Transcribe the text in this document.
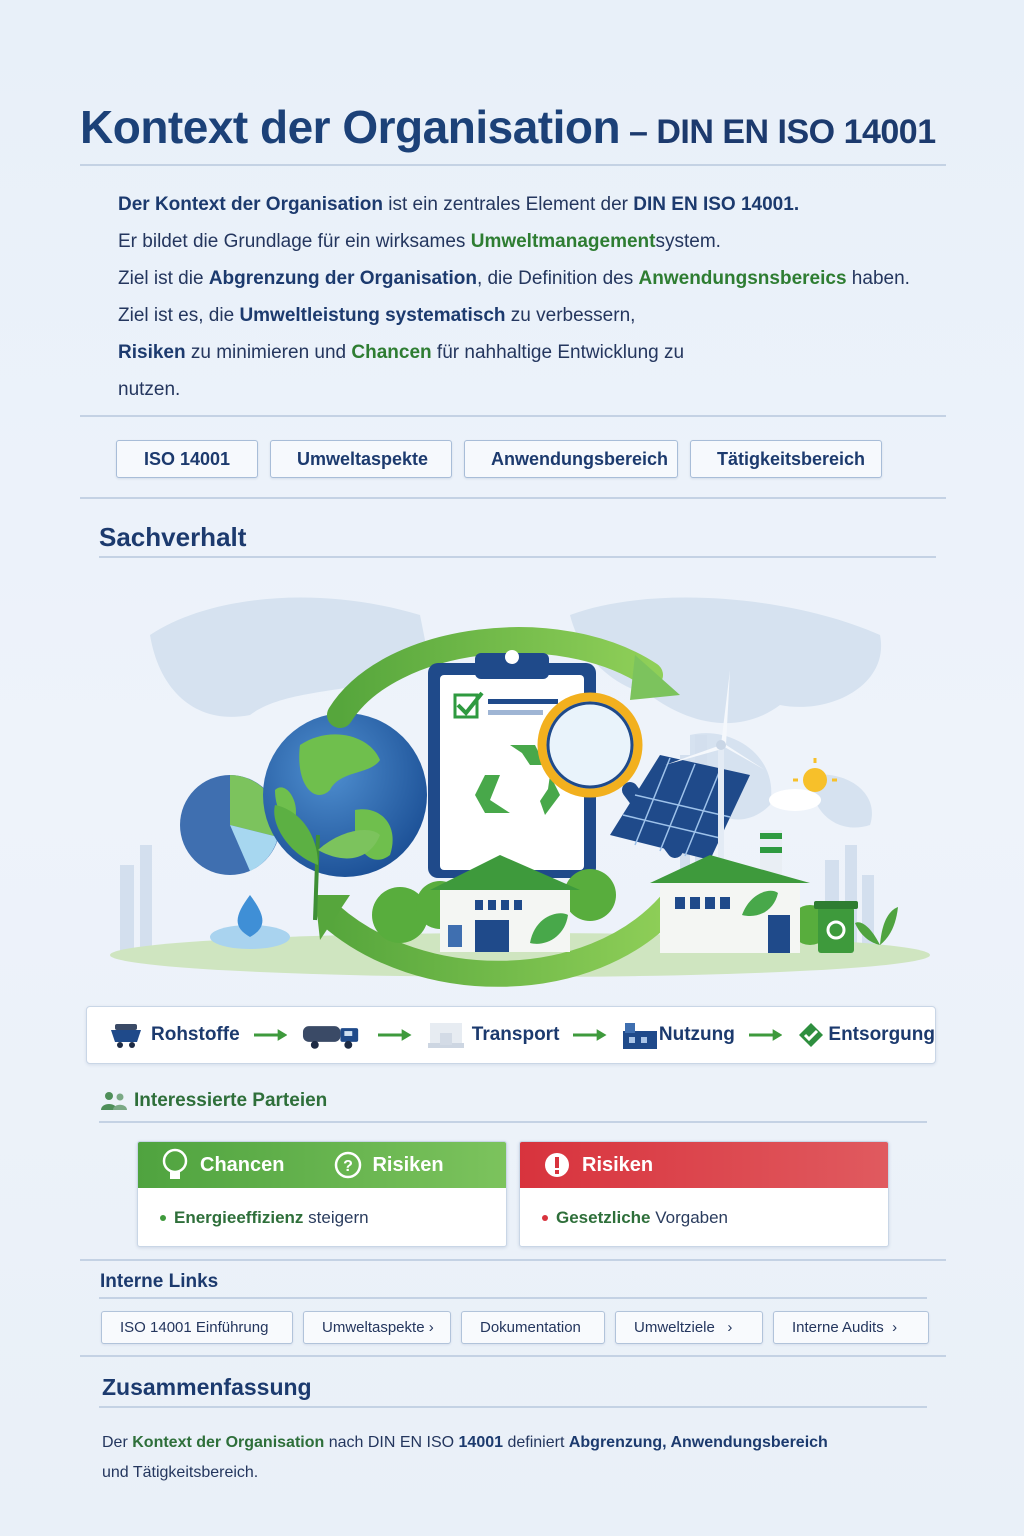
Kontext der Organisation – DIN EN ISO 14001

Der Kontext der Organisation ist ein zentrales Element der DIN EN ISO 14001.

Er bildet die Grundlage für ein wirksames Umweltmanagementsystem.

Ziel ist die Abgrenzung der Organisation, die Definition des Anwendungsnsbereics haben.

Ziel ist es, die Umweltleistung systematisch zu verbessern,

Risiken zu minimieren und Chancen für nahhaltige Entwicklung zu

nutzen.

ISO 14001	Umweltaspekte	Anwendungsbereich	Tätigkeitsbereich
Sachverhalt
Rohstoffe	Transport	Nutzung	Entsorgung
Interessierte Parteien
Chancen	? Risiken
Energieeffizienz steigern
Risiken
Gesetzliche Vorgaben
Interne Links
ISO 14001 Einführung	Umweltaspekte ›	Dokumentation	Umweltziele   ›	Interne Audits  ›
Zusammenfassung
Der Kontext der Organisation nach DIN EN ISO 14001 definiert Abgrenzung, Anwendungsbereich
und Tätigkeitsbereich.
